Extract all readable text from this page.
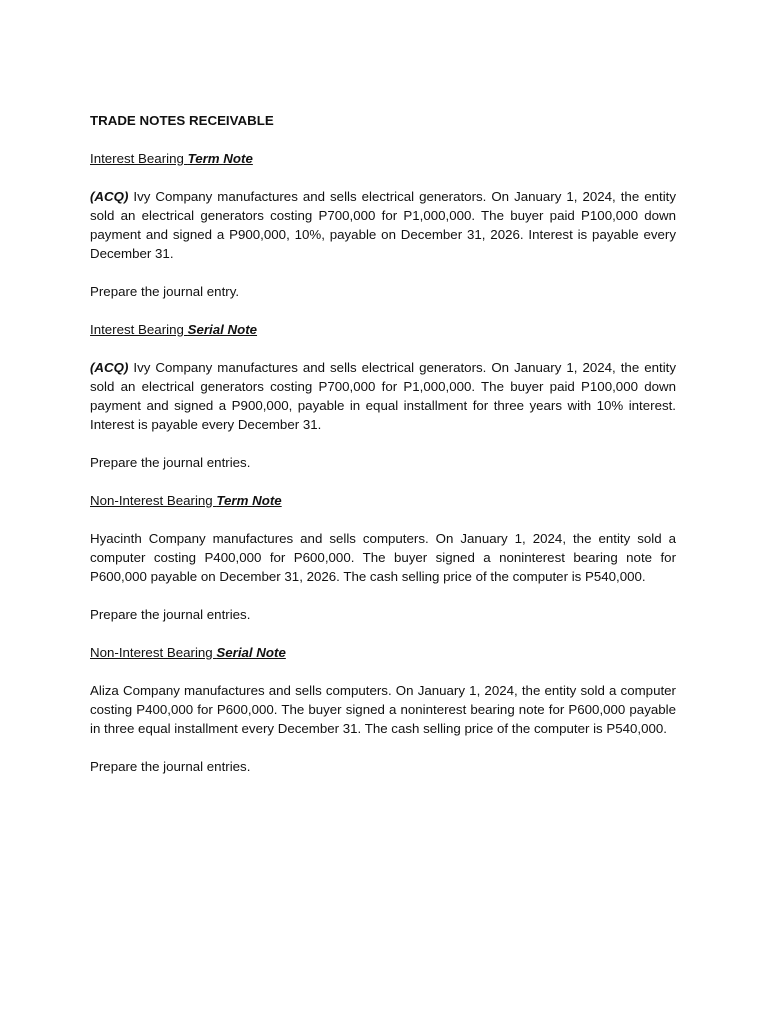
TRADE NOTES RECEIVABLE
Interest Bearing Term Note
(ACQ) Ivy Company manufactures and sells electrical generators. On January 1, 2024, the entity sold an electrical generators costing P700,000 for P1,000,000. The buyer paid P100,000 down payment and signed a P900,000, 10%, payable on December 31, 2026. Interest is payable every December 31.
Prepare the journal entry.
Interest Bearing Serial Note
(ACQ) Ivy Company manufactures and sells electrical generators. On January 1, 2024, the entity sold an electrical generators costing P700,000 for P1,000,000. The buyer paid P100,000 down payment and signed a P900,000, payable in equal installment for three years with 10% interest. Interest is payable every December 31.
Prepare the journal entries.
Non-Interest Bearing Term Note
Hyacinth Company manufactures and sells computers. On January 1, 2024, the entity sold a computer costing P400,000 for P600,000. The buyer signed a noninterest bearing note for P600,000 payable on December 31, 2026. The cash selling price of the computer is P540,000.
Prepare the journal entries.
Non-Interest Bearing Serial Note
Aliza Company manufactures and sells computers. On January 1, 2024, the entity sold a computer costing P400,000 for P600,000. The buyer signed a noninterest bearing note for P600,000 payable in three equal installment every December 31. The cash selling price of the computer is P540,000.
Prepare the journal entries.
